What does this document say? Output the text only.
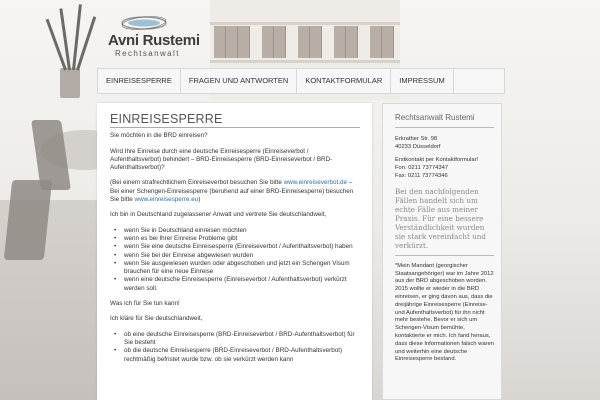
Avni Rustemi
Rechtsanwalt
EINREISESPERRE	FRAGEN UND ANTWORTEN	KONTAKTFORMULAR	IMPRESSUM
EINREISESPERRE

Sie möchten in die BRD einreisen?

Wird Ihre Einreise durch eine deutsche Einreisesperre (Einreiseverbot / Aufenthaltsverbot) behindert – BRD-Einreisesperre (BRD-Einreiseverbot / BRD-Aufenthaltsverbot)?

(Bei einem strafrechtlichem Einreiseverbot besuchen Sie bitte www.einreiseverbot.de – Bei einer Schengen-Einreisesperre (beruhend auf einer BRD-Einreisesperre) besuchen Sie bitte www.einreisesperre.eu)

Ich bin in Deutschland zugelassener Anwalt und vertrete Sie deutschlandweit,

• wenn Sie in Deutschland einreisen möchten
• wenn es bei Ihrer Einreise Probleme gibt
• wenn Sie eine deutsche Einreisesperre (Einreiseverbot / Aufenthaltsverbot) haben
• wenn Sie bei der Einreise abgewiesen wurden
• wenn Sie ausgewiesen wurden oder abgeschoben und jetzt ein Schengen Visum brauchen für eine neue Einreise
• wenn eine deutsche Einreisesperre (Einreiseverbot / Aufenthaltsverbot) verkürzt werden soll.

Was ich für Sie tun kann!

Ich kläre für Sie deutschlandweit,

• ob eine deutsche Einreisesperre (BRD-Einreiseverbot / BRD-Aufenthaltsverbot) für Sie besteht
• ob die deutsche Einreisesperre (BRD-Einreiseverbot / BRD-Aufenthaltsverbot) rechtmäßig befristet wurde bzw. ob sie verkürzt werden kann
Rechtsanwalt Rustemi

Erkrather Str. 98
40233 Düsseldorf

Erstkontakt per Kontaktformular!
Fon: 0211 73774347
Fax: 0211 73774346

Bei den nachfolgenden Fällen handelt sich um echte Fälle aus meiner Praxis. Für eine bessere Verständlichkeit wurden sie stark vereinfacht und verkürzt.

*Mein Mandant (georgischer Staatsangehöriger) war im Jahre 2012 aus der BRD abgeschoben worden. 2015 wollte er wieder in die BRD einreisen, er ging davon aus, dass die dreijährige Einreisesperre (Einreise- und Aufenthaltsverbot) für ihn nicht mehr bestehe. Bevor er sich um Schengen-Visum bemühte, kontaktierte er mich. Ich fand heraus, dass diese Informationen falsch waren und weiterhin eine deutsche Einreisesperre bestand.
